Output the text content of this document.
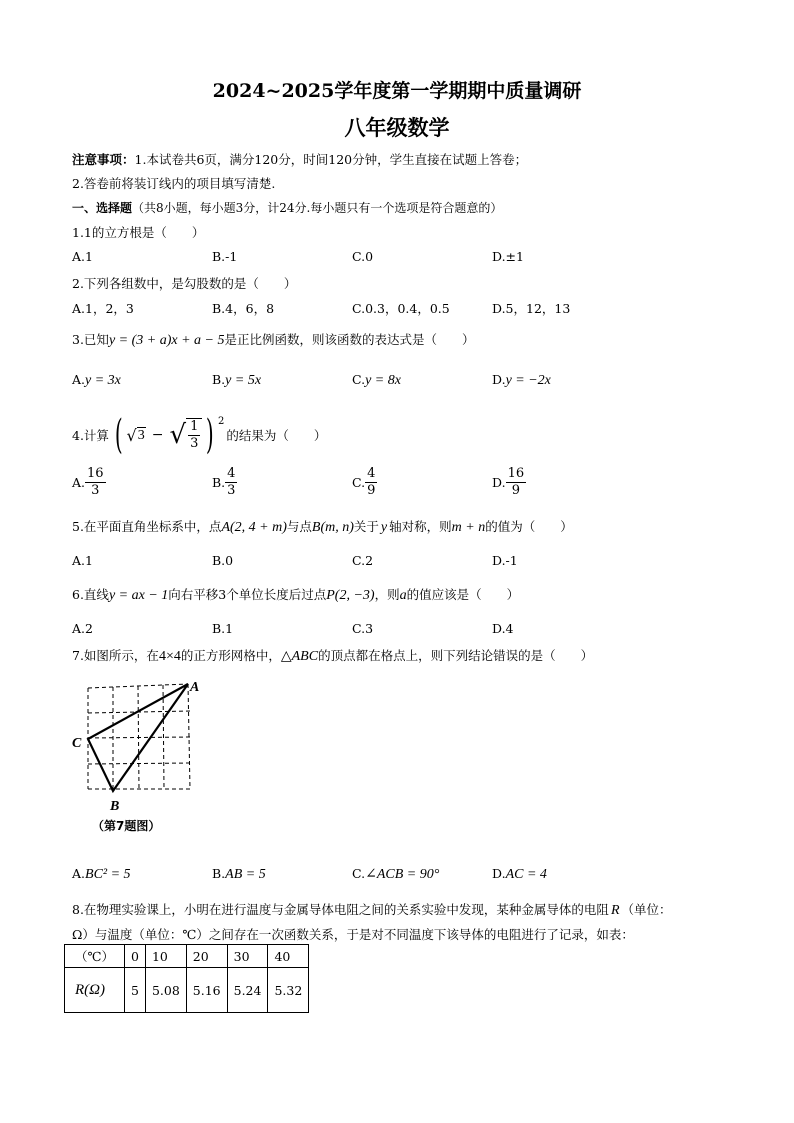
2024~2025学年度第一学期期中质量调研
八年级数学
注意事项：1.本试卷共6页，满分120分，时间120分钟，学生直接在试题上答卷；
2.答卷前将装订线内的项目填写清楚.
一、选择题（共8小题，每小题3分，计24分.每小题只有一个选项是符合题意的）
1.1的立方根是（　　）
A.1	B.-1	C.0	D.±1
2.下列各组数中，是勾股数的是（　　）
A.1，2，3	B.4，6，8	C.0.3，0.4，0.5	D.5，12，13
3.已知y = (3 + a)x + a − 5是正比例函数，则该函数的表达式是（　　）
A.y = 3x	B.y = 5x	C.y = 8x	D.y = −2x
4.计算 ( √ 3 − √ $\frac{1}{3}$ ) $^2$
的结果为（　　）
A. $\frac{16}{3}$	B. $\frac{4}{3}$	C. $\frac{4}{9}$	D. $\frac{16}{9}$
5.在平面直角坐标系中，点A(2, 4 + m)与点B(m, n)关于 y 轴对称，则m + n的值为（　　）
A.1	B.0	C.2	D.-1
6.直线y = ax − 1向右平移3个单位长度后过点P(2, −3)，则a的值应该是（　　）
A.2	B.1	C.3	D.4
7.如图所示，在4×4的正方形网格中，△ABC的顶点都在格点上，则下列结论错误的是（　　）
A
C
B
（第7题图）
A.BC² = 5	B.AB = 5	C.∠ACB = 90°	D.AC = 4
8.在物理实验课上，小明在进行温度与金属导体电阻之间的关系实验中发现，某种金属导体的电阻 R （单位：
Ω）与温度（单位：℃）之间存在一次函数关系，于是对不同温度下该导体的电阻进行了记录，如表：
（℃）	0	10	20	30	40
R(Ω)	5	5.08	5.16	5.24	5.32
